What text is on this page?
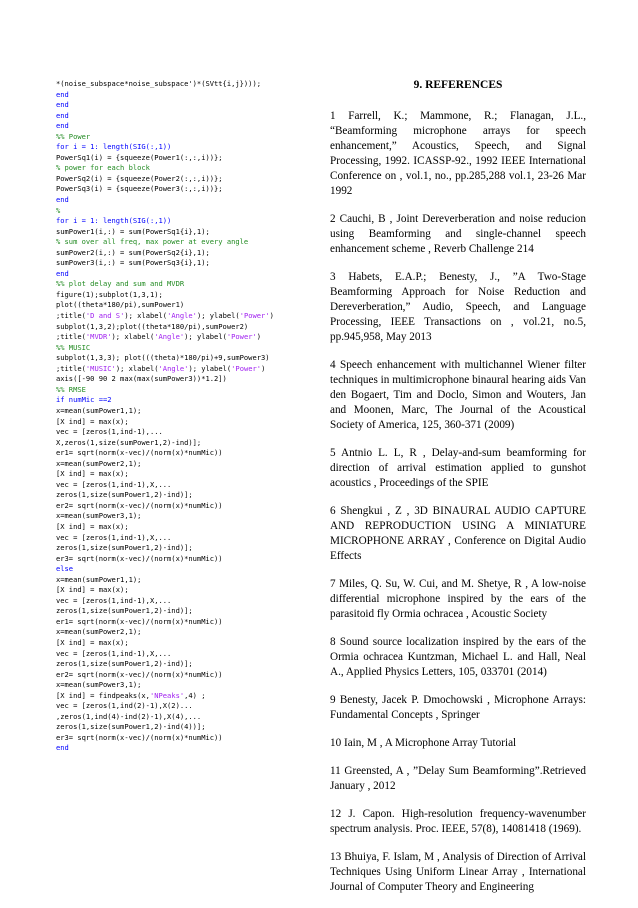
*(noise_subspace*noise_subspace')*(SVtt{i,j})));
end
end
end
end
%% Power
for i = 1: length(SIG(:,1))
PowerSq1(i) = {squeeze(Power1(:,:,i))};
% power for each block
PowerSq2(i) = {squeeze(Power2(:,:,i))};
PowerSq3(i) = {squeeze(Power3(:,:,i))};
end
%
for i = 1: length(SIG(:,1))
sumPower1(i,:) = sum(PowerSq1{i},1);
% sum over all freq, max power at every angle
sumPower2(i,:) = sum(PowerSq2{i},1);
sumPower3(i,:) = sum(PowerSq3{i},1);
end
%% plot delay and sum and MVDR
figure(1);subplot(1,3,1);
plot((theta*180/pi),sumPower1)
;title('D and S'); xlabel('Angle'); ylabel('Power')
subplot(1,3,2);plot((theta*180/pi),sumPower2)
;title('MVDR'); xlabel('Angle'); ylabel('Power')
%% MUSIC
subplot(1,3,3); plot(((theta)*180/pi)+9,sumPower3)
;title('MUSIC'); xlabel('Angle'); ylabel('Power')
axis([-90 90 2 max(max(sumPower3))*1.2])
%% RMSE
if numMic ==2
x=mean(sumPower1,1);
[X ind] = max(x);
vec = [zeros(1,ind-1),...
X,zeros(1,size(sumPower1,2)-ind)];
er1= sqrt(norm(x-vec)/(norm(x)*numMic))
x=mean(sumPower2,1);
[X ind] = max(x);
vec = [zeros(1,ind-1),X,...
zeros(1,size(sumPower1,2)-ind)];
er2= sqrt(norm(x-vec)/(norm(x)*numMic))
x=mean(sumPower3,1);
[X ind] = max(x);
vec = [zeros(1,ind-1),X,...
zeros(1,size(sumPower1,2)-ind)];
er3= sqrt(norm(x-vec)/(norm(x)*numMic))
else
x=mean(sumPower1,1);
[X ind] = max(x);
vec = [zeros(1,ind-1),X,...
zeros(1,size(sumPower1,2)-ind)];
er1= sqrt(norm(x-vec)/(norm(x)*numMic))
x=mean(sumPower2,1);
[X ind] = max(x);
vec = [zeros(1,ind-1),X,...
zeros(1,size(sumPower1,2)-ind)];
er2= sqrt(norm(x-vec)/(norm(x)*numMic))
x=mean(sumPower3,1);
[X ind] = findpeaks(x,'NPeaks',4) ;
vec = [zeros(1,ind(2)-1),X(2)...
,zeros(1,ind(4)-ind(2)-1),X(4),...
zeros(1,size(sumPower1,2)-ind(4))];
er3= sqrt(norm(x-vec)/(norm(x)*numMic))
end
9. REFERENCES
1 Farrell, K.; Mammone, R.; Flanagan, J.L., “Beamforming microphone arrays for speech enhancement,” Acoustics, Speech, and Signal Processing, 1992. ICASSP-92., 1992 IEEE International Conference on , vol.1, no., pp.285,288 vol.1, 23-26 Mar 1992
2 Cauchi, B , Joint Dereverberation and noise reducion using Beamforming and single-channel speech enhancement scheme , Reverb Challenge 214
3 Habets, E.A.P.; Benesty, J., ”A Two-Stage Beamforming Approach for Noise Reduction and Dereverberation,” Audio, Speech, and Language Processing, IEEE Transactions on , vol.21, no.5, pp.945,958, May 2013
4 Speech enhancement with multichannel Wiener filter techniques in multimicrophone binaural hearing aids Van den Bogaert, Tim and Doclo, Simon and Wouters, Jan and Moonen, Marc, The Journal of the Acoustical Society of America, 125, 360-371 (2009)
5 Antnio L. L, R , Delay-and-sum beamforming for direction of arrival estimation applied to gunshot acoustics , Proceedings of the SPIE
6 Shengkui , Z , 3D BINAURAL AUDIO CAPTURE AND REPRODUCTION USING A MINIATURE MICROPHONE ARRAY , Conference on Digital Audio Effects
7 Miles, Q. Su, W. Cui, and M. Shetye, R , A low-noise differential microphone inspired by the ears of the parasitoid fly Ormia ochracea , Acoustic Society
8 Sound source localization inspired by the ears of the Ormia ochracea Kuntzman, Michael L. and Hall, Neal A., Applied Physics Letters, 105, 033701 (2014)
9 Benesty, Jacek P. Dmochowski , Microphone Arrays: Fundamental Concepts , Springer
10 Iain, M , A Microphone Array Tutorial
11 Greensted, A , ”Delay Sum Beamforming”.Retrieved January , 2012
12 J. Capon. High-resolution frequency-wavenumber spectrum analysis. Proc. IEEE, 57(8), 14081418 (1969).
13 Bhuiya, F. Islam, M , Analysis of Direction of Arrival Techniques Using Uniform Linear Array , International Journal of Computer Theory and Engineering
